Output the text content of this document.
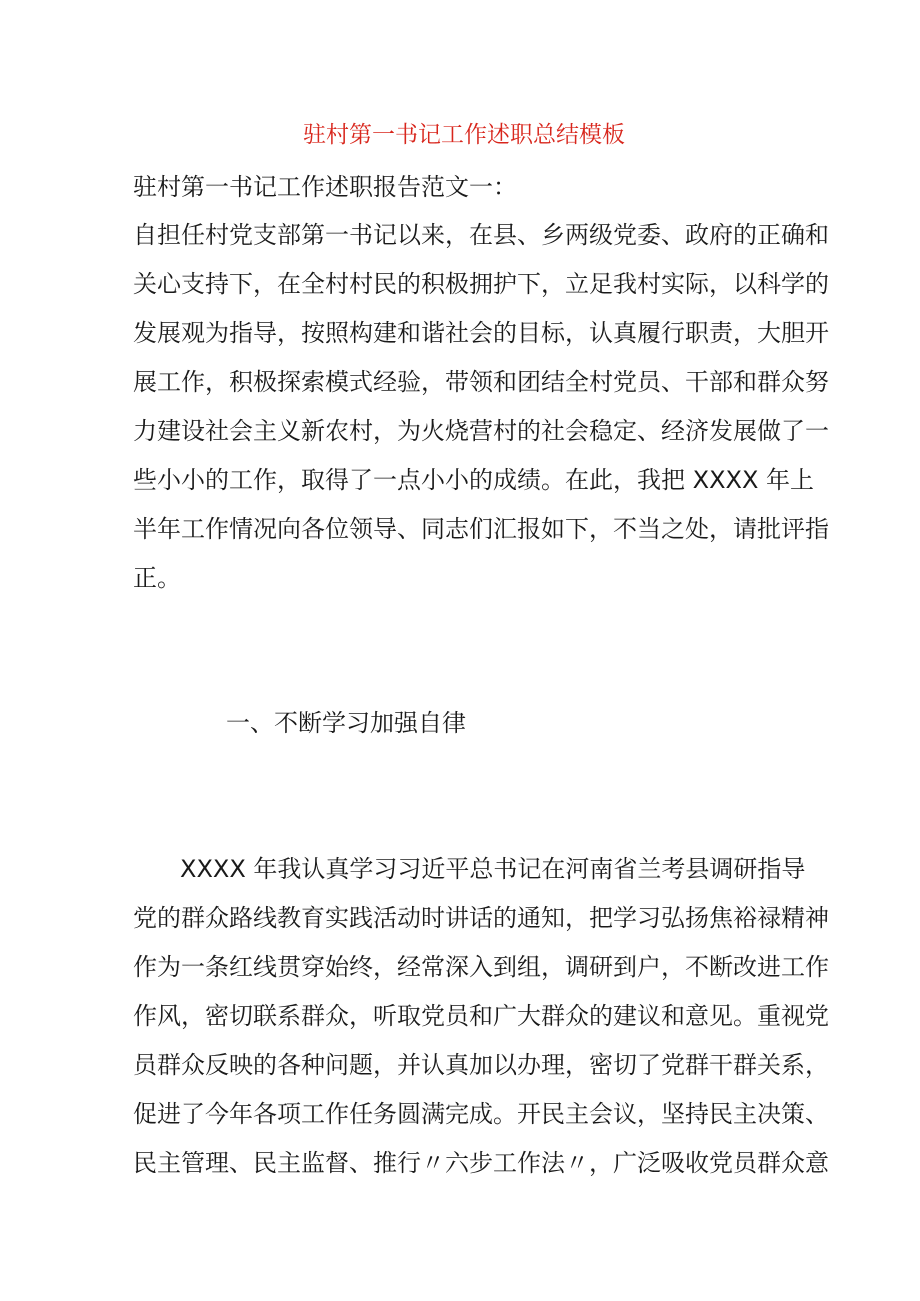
驻村第一书记工作述职总结模板
驻村第一书记工作述职报告范文一：
自担任村党支部第一书记以来，在县、乡两级党委、政府的正确和
关心支持下，在全村村民的积极拥护下，立足我村实际，以科学的
发展观为指导，按照构建和谐社会的目标，认真履行职责，大胆开
展工作，积极探索模式经验，带领和团结全村党员、干部和群众努
力建设社会主义新农村，为火烧营村的社会稳定、经济发展做了一
些小小的工作，取得了一点小小的成绩。在此，我把 XXXX 年上
半年工作情况向各位领导、同志们汇报如下，不当之处，请批评指
正。
一、不断学习加强自律
XXXX 年我认真学习习近平总书记在河南省兰考县调研指导
党的群众路线教育实践活动时讲话的通知，把学习弘扬焦裕禄精神
作为一条红线贯穿始终，经常深入到组，调研到户，不断改进工作
作风，密切联系群众，听取党员和广大群众的建议和意见。重视党
员群众反映的各种问题，并认真加以办理，密切了党群干群关系，
促进了今年各项工作任务圆满完成。开民主会议，坚持民主决策、
民主管理、民主监督、推行〃六步工作法〃，广泛吸收党员群众意
